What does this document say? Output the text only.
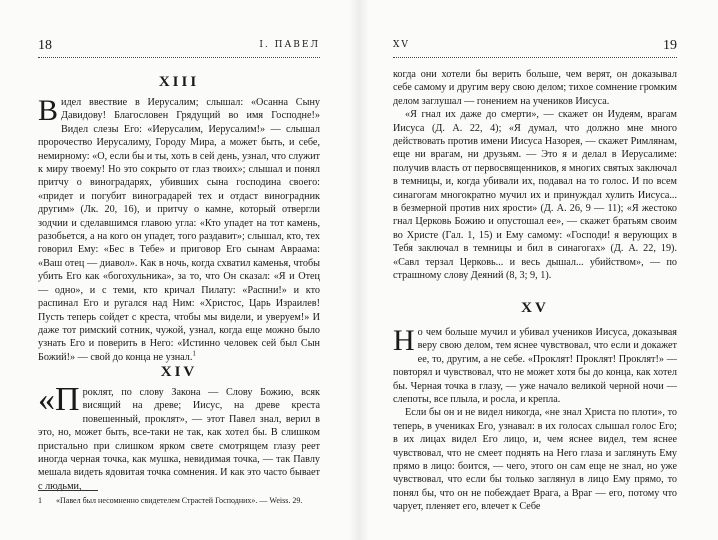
18	I. ПАВЕЛ
XIII

Видел ввествие в Иерусалим; слышал: «Осанна Сыну Давидову! Благословен Грядущий во имя Господне!» Видел слезы Его: «Иерусалим, Иерусалим!» — слышал пророчество Иерусалиму, Городу Мира, а может быть, и себе, немирному: «О, если бы и ты, хоть в сей день, узнал, что служит к миру твоему! Но это сокрыто от глаз твоих»; слышал и понял притчу о виноградарях, убивших сына господина своего: «придет и погубит виноградарей тех и отдаст виноградник другим» (Лк. 20, 16), и притчу о камне, который отвергли зодчии и сделавшимся главою угла: «Кто упадет на тот камень, разобьется, а на кого он упадет, того раздавит»; слышал, кто, тех говорил Ему: «Бес в Тебе» и приговор Его сынам Авраама: «Ваш отец — диавол». Как в ночь, когда схватил каменья, чтобы убить Его как «богохульника», за то, что Он сказал: «Я и Отец — одно», и с теми, кто кричал Пилату: «Распни!» и кто распинал Его и ругался над Ним: «Христос, Царь Израилев! Пусть теперь сойдет с креста, чтобы мы видели, и уверуем!» И даже тот римский сотник, чужой, узнал, когда еще можно было узнать Его и поверить в Него: «Истинно человек сей был Сын Божий!» — свой до конца не узнал.$^1$

XIV

«Проклят, по слову Закона — Слову Божию, всяк висящий на древе; Иисус, на древе креста повешенный, проклят», — этот Павел знал, верил в это, но, может быть, все-таки не так, как хотел бы. В слишком пристально при слишком ярком свете смотрящем глазу реет иногда черная точка, как мушка, невидимая точка, — так Павлу мешала видеть ядовитая точка сомнения. И как это часто бывает с людьми,

1 «Павел был несомненно свидетелем Страстей Господних». — Weiss. 29.
XV	19

когда они хотели бы верить больше, чем верят, он доказывал себе самому и другим веру свою делом; тихое сомнение громким делом заглушал — гонением на учеников Иисуса.

«Я гнал их даже до смерти», — скажет он Иудеям, врагам Иисуса (Д. А. 22, 4); «Я думал, что должно мне много действовать против имени Иисуса Назорея, — скажет Римлянам, еще ни врагам, ни друзьям. — Это я и делал в Иерусалиме: получив власть от первосвященников, я многих святых заключал в темницы, и, когда убивали их, подавал на то голос. И по всем синагогам многократно мучил их и принуждал хулить Иисуса... в безмерной против них ярости» (Д. А. 26, 9 — 11); «Я жестоко гнал Церковь Божию и опустошал ее», — скажет братьям своим во Христе (Гал. 1, 15) и Ему самому: «Господи! я верующих в Тебя заключал в темницы и бил в синагогах» (Д. А. 22, 19). «Савл терзал Церковь... и весь дышал... убийством», — по страшному слову Деяний (8, 3; 9, 1).

XV

Но чем больше мучил и убивал учеников Иисуса, доказывая веру свою делом, тем яснее чувствовал, что если и докажет ее, то, другим, а не себе. «Проклят! Проклят! Проклят!» — повторял и чувствовал, что не может хотя бы до конца, как хотел бы. Черная точка в глазу, — уже начало великой черной ночи — слепоты, все плыла, и росла, и крепла.

Если бы он и не видел никогда, «не знал Христа по плоти», то теперь, в учениках Его, узнавал: в их голосах слышал голос Его; в их лицах видел Его лицо, и, чем яснее видел, тем яснее чувствовал, что не смеет поднять на Него глаза и заглянуть Ему прямо в лицо: боится, — чего, этого он сам еще не знал, но уже чувствовал, что если бы только заглянул в лицо Ему прямо, то понял бы, что он не побеждает Врага, а Враг — его, потому что чарует, пленяет его, влечет к Себе
